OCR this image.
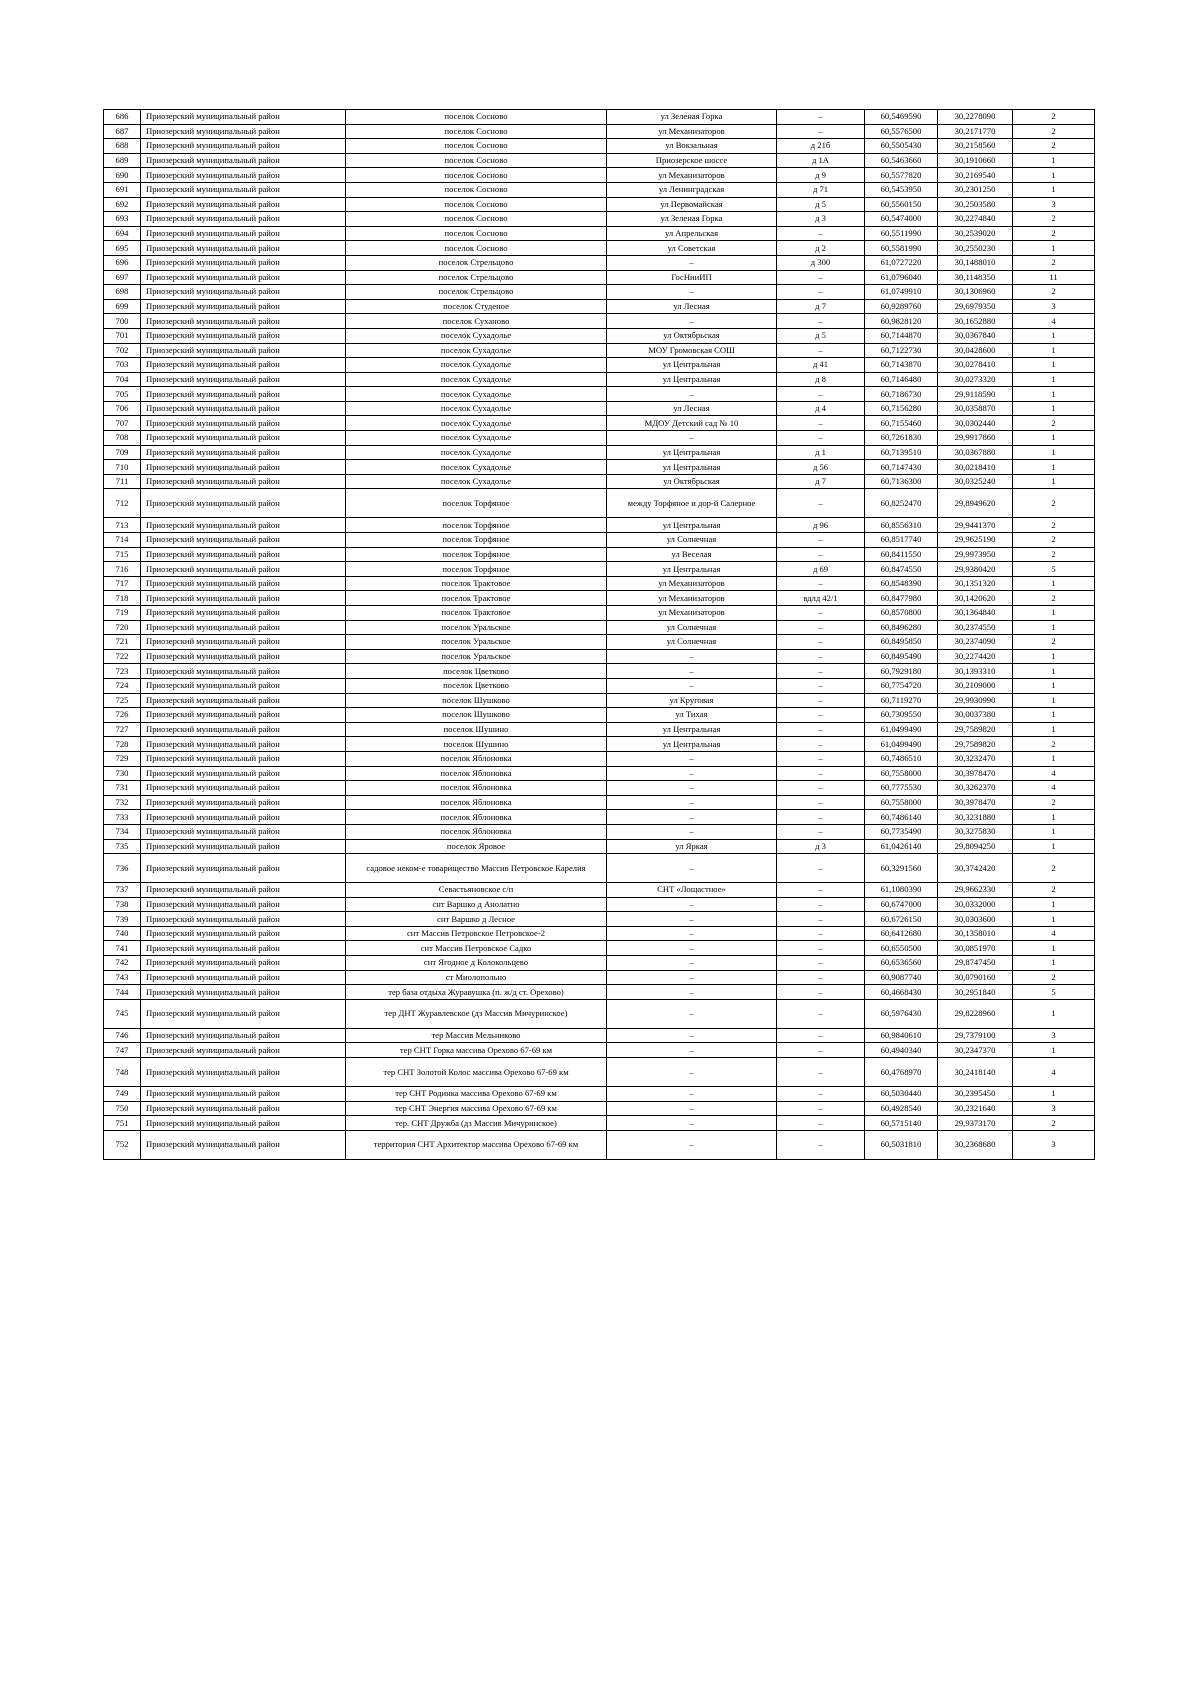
686	Приозерский муниципальный район	поселок Сосново	ул Зеленая Горка	–	60,5469590	30,2278090	2
687	Приозерский муниципальный район	поселок Сосново	ул Механизаторов	–	60,5576500	30,2171770	2
688	Приозерский муниципальный район	поселок Сосново	ул Вокзальная	д 21б	60,5505430	30,2158560	2
689	Приозерский муниципальный район	поселок Сосново	Приозерское шоссе	д 1А	60,5463660	30,1910660	1
690	Приозерский муниципальный район	поселок Сосново	ул Механизаторов	д 9	60,5577820	30,2169540	1
691	Приозерский муниципальный район	поселок Сосново	ул Ленинградская	д 71	60,5453950	30,2301250	1
692	Приозерский муниципальный район	поселок Сосново	ул Первомайская	д 5	60,5560150	30,2503580	3
693	Приозерский муниципальный район	поселок Сосново	ул Зеленая Горка	д 3	60,5474000	30,2274840	2
694	Приозерский муниципальный район	поселок Сосново	ул Апрельская	–	60,5511990	30,2539020	2
695	Приозерский муниципальный район	поселок Сосново	ул Советская	д 2	60,5581990	30,2550230	1
696	Приозерский муниципальный район	поселок Стрельцово	–	д 300	61,0727220	30,1488010	2
697	Приозерский муниципальный район	поселок Стрельцово	ГосНииИП	–	61,0796040	30,1148350	11
698	Приозерский муниципальный район	поселок Стрельцово	–	–	61,0749910	30,1306960	2
699	Приозерский муниципальный район	поселок Студеное	ул Лесная	д 7	60,9289760	29,6979350	3
700	Приозерский муниципальный район	поселок Суханово	–	–	60,9828120	30,1652880	4
701	Приозерский муниципальный район	поселок Сухадолье	ул Октябрьская	д 5	60,7144870	30,0367840	1
702	Приозерский муниципальный район	поселок Сухадолье	МОУ Громовская СОШ	–	60,7122730	30,0428600	1
703	Приозерский муниципальный район	поселок Сухадолье	ул Центральная	д 41	60,7143870	30,0278410	1
704	Приозерский муниципальный район	поселок Сухадолье	ул Центральная	д 8	60,7146480	30,0273320	1
705	Приозерский муниципальный район	поселок Сухадолье	–	–	60,7186730	29,9118590	1
706	Приозерский муниципальный район	поселок Сухадолье	ул Лесная	д 4	60,7156280	30,0358870	1
707	Приозерский муниципальный район	поселок Сухадолье	МДОУ Детский сад № 10	–	60,7155460	30,0302440	2
708	Приозерский муниципальный район	поселок Сухадолье	–	–	60,7261830	29,9917860	1
709	Приозерский муниципальный район	поселок Сухадолье	ул Центральная	д 1	60,7139510	30,0367880	1
710	Приозерский муниципальный район	поселок Сухадолье	ул Центральная	д 56	60,7147430	30,0218410	1
711	Приозерский муниципальный район	поселок Сухадолье	ул Октябрьская	д 7	60,7136300	30,0325240	1
712	Приозерский муниципальный район	поселок Торфяное	между Торфяное и дор-й Салерное	–	60,8252470	29,8949620	2
713	Приозерский муниципальный район	поселок Торфяное	ул Центральная	д 96	60,8556310	29,9441370	2
714	Приозерский муниципальный район	поселок Торфяное	ул Солнечная	–	60,8517740	29,9625190	2
715	Приозерский муниципальный район	поселок Торфяное	ул Веселая	–	60,8411550	29,9973950	2
716	Приозерский муниципальный район	поселок Торфяное	ул Центральная	д 69	60,8474550	29,9380420	5
717	Приозерский муниципальный район	поселок Трактовое	ул Механизаторов	–	60,8548390	30,1351320	1
718	Приозерский муниципальный район	поселок Трактовое	ул Механизаторов	вдлд 42/1	60,8477980	30,1420620	2
719	Приозерский муниципальный район	поселок Трактовое	ул Механизаторов	–	60,8570800	30,1364840	1
720	Приозерский муниципальный район	поселок Уральское	ул Солнечная	–	60,8496280	30,2374550	1
721	Приозерский муниципальный район	поселок Уральское	ул Солнечная	–	60,8495850	30,2374090	2
722	Приозерский муниципальный район	поселок Уральское	–	–	60,8495490	30,2274420	1
723	Приозерский муниципальный район	поселок Цветково	–	–	60,7929180	30,1393310	1
724	Приозерский муниципальный район	поселок Цветково	–	–	60,7754720	30,2109000	1
725	Приозерский муниципальный район	поселок Шушково	ул Круговая	–	60,7119270	29,9930990	1
726	Приозерский муниципальный район	поселок Шушково	ул Тихая	–	60,7309550	30,0037380	1
727	Приозерский муниципальный район	поселок Шушино	ул Центральная	–	61,0499490	29,7589820	1
728	Приозерский муниципальный район	поселок Шушино	ул Центральная	–	61,0499490	29,7589820	2
729	Приозерский муниципальный район	поселок Яблоновка	–	–	60,7486510	30,3232470	1
730	Приозерский муниципальный район	поселок Яблоновка	–	–	60,7558000	30,3978470	4
731	Приозерский муниципальный район	поселок Яблоновка	–	–	60,7775530	30,3262370	4
732	Приозерский муниципальный район	поселок Яблоновка	–	–	60,7558000	30,3978470	2
733	Приозерский муниципальный район	поселок Яблоновка	–	–	60,7486140	30,3231880	1
734	Приозерский муниципальный район	поселок Яблоновка	–	–	60,7735490	30,3275830	1
735	Приозерский муниципальный район	поселок Яровое	ул Яркая	д 3	61,0426140	29,8094250	1
736	Приозерский муниципальный район	садовое неком-е товарищество Массив Петровское Карелия	–	–	60,3291560	30,3742420	2
737	Приозерский муниципальный район	Севастьяновское с/п	СНТ «Лощастное»	–	61,1080390	29,9662330	2
738	Приозерский муниципальный район	снт Варшко д Анолатно	–	–	60,6747000	30,0332000	1
739	Приозерский муниципальный район	снт Варшко д Лесное	–	–	60,6726150	30,0303600	1
740	Приозерский муниципальный район	снт Массив Петровское Петровское-2	–	–	60,6412680	30,1358010	4
741	Приозерский муниципальный район	снт Массив Петровское Садко	–	–	60,6550500	30,0851970	1
742	Приозерский муниципальный район	снт Ягодное д Колокольцево	–	–	60,6536560	29,8747450	1
743	Приозерский муниципальный район	ст Миолопольно	–	–	60,9087740	30,0790160	2
744	Приозерский муниципальный район	тер база отдыха Журавушка (п. ж/д ст. Орехово)	–	–	60,4668430	30,2951840	5
745	Приозерский муниципальный район	тер ДНТ Журавлевское (дз Массив Мичуринское)	–	–	60,5976430	29,8228960	1
746	Приозерский муниципальный район	тер Массив Мельниково	–	–	60,9840610	29,7379100	3
747	Приозерский муниципальный район	тер СНТ Горка массива Орехово 67-69 км	–	–	60,4940340	30,2347370	1
748	Приозерский муниципальный район	тер СНТ Золотой Колос массива Орехово 67-69 км	–	–	60,4768970	30,2418140	4
749	Приозерский муниципальный район	тер СНТ Родинка массива Орехово 67-69 км	–	–	60,5030440	30,2395450	1
750	Приозерский муниципальный район	тер СНТ Энергия массива Орехово 67-69 км	–	–	60,4928540	30,2321640	3
751	Приозерский муниципальный район	тер. СНТ Дружба (дз Массив Мичуринское)	–	–	60,5715140	29,9373170	2
752	Приозерский муниципальный район	территория СНТ Архитектор массива Орехово 67-69 км	–	–	60,5031810	30,2368680	3
